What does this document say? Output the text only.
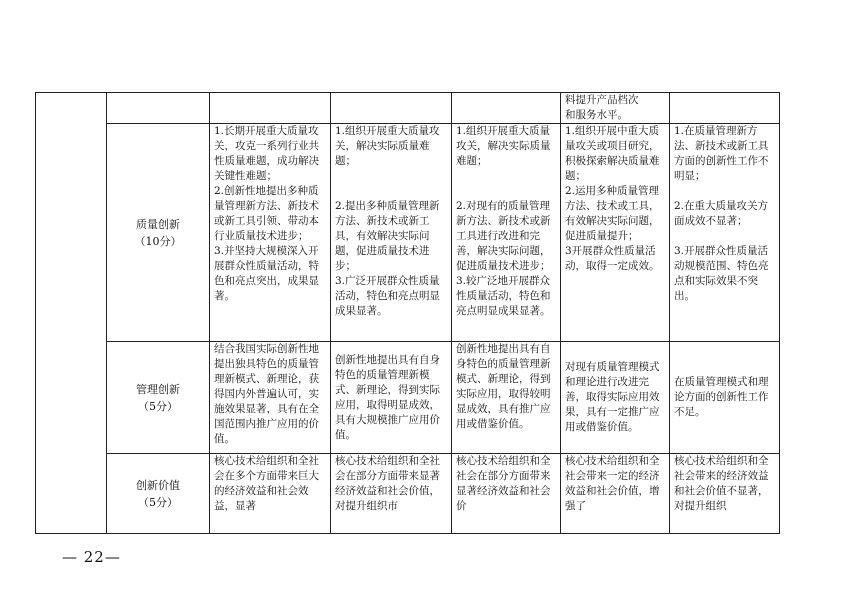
					料提升产品档次
和服务水平。	

	质量创新
（10分）	1.长期开展重大质量攻关，攻克一系列行业共性质量难题，成功解决关键性难题；
2.创新性地提出多种质量管理新方法、新技术或新工具引领、带动本行业质量技术进步；
3.并坚持大规模深入开展群众性质量活动，特色和亮点突出，成果显著。	1.组织开展重大质量攻关，解决实际质量难题；
2.提出多种质量管理新方法、新技术或新工具，有效解决实际问题，促进质量技术进步；
3.广泛开展群众性质量活动，特色和亮点明显成果显著。	1.组织开展重大质量攻关，解决实际质量难题；
2.对现有的质量管理新方法、新技术或新工具进行改进和完善，解决实际问题，促进质量技术进步；
3.较广泛地开展群众性质量活动，特色和亮点明显成果显著。	1.组织开展中重大质量攻关或项目研究，积极探索解决质量难题；
2.运用多种质量管理方法、技术或工具，有效解决实际问题，促进质量提升；
3开展群众性质量活动，取得一定成效。	1.在质量管理新方法、新技术或新工具方面的创新性工作不明显；
2.在重大质量攻关方面成效不显著；
3.开展群众性质量活动规模范围、特色亮点和实际效果不突出。

	管理创新
（5分）	结合我国实际创新性地提出独具特色的质量管理新模式、新理论，获得国内外普遍认可，实施效果显著，具有在全国范围内推广应用的价值。	创新性地提出具有自身特色的质量管理新模式、新理论，得到实际应用，取得明显成效，具有大规模推广应用价值。	创新性地提出具有自身特色的质量管理新模式、新理论，得到实际应用，取得较明显成效，具有推广应用或借鉴价值。	对现有质量管理模式和理论进行改进完善，取得实际应用效果，具有一定推广应用或借鉴价值。	在质量管理模式和理论方面的创新性工作不足。

	创新价值
（5分）	核心技术给组织和全社会在多个方面带来巨大的经济效益和社会效益，显著	核心技术给组织和全社会在部分方面带来显著经济效益和社会价值，对提升组织市	核心技术给组织和全社会在部分方面带来显著经济效益和社会价	核心技术给组织和全社会带来一定的经济效益和社会价值，增强了	核心技术给组织和全社会带来的经济效益和社会价值不显著，对提升组织
— 22—
